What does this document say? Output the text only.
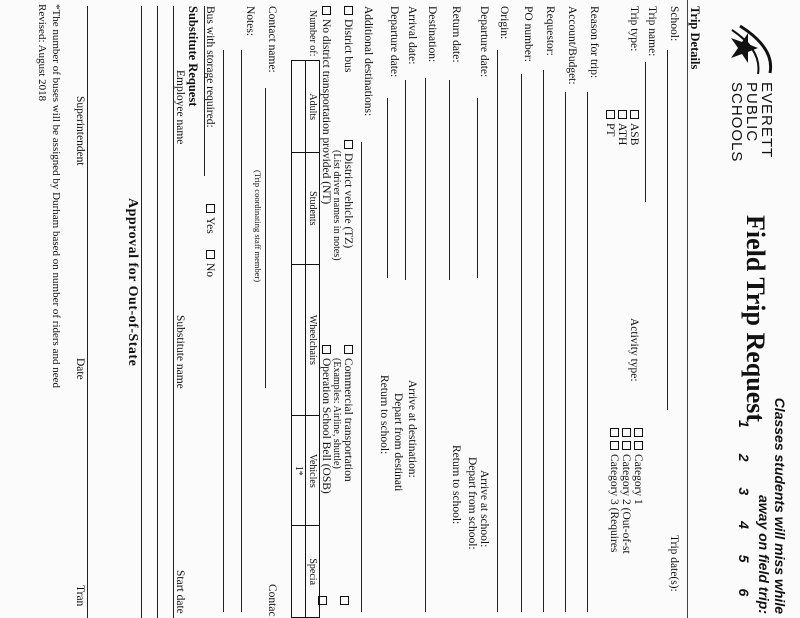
EVERETT
PUBLIC
SCHOOLS
Field Trip Request
Classes students will miss while
away on field trip:
1 2 3 4 5 6
Trip Details
School:
Trip date(s):
Trip name:
Trip type:
ASB
ATH
PT
Activity type:
Category 1
Category 2 (Out-of-st
Category 3 (Requires
Reason for trip:
Account/Budget:
Requestor:
PO number:
Origin:
Departure date:
Arrive at school:
Depart from school:
Return date:
Return to school:
Destination:
Arrival date:
Arrive at destination:
Departure date:
Depart from destinati
Return to school:
Additional destinations:
District bus
District vehicle (TZ)
(List driver names in notes)
Commercial transportation
(Examples: Airline, shuttle)
No district transportation provided (NT)
Operation School Bell (OSB)
Number of:	Adults	Students	Wheelchairs	Vehicles	Specia
				1*	
Contact name:
(Trip coordinating staff member)
Contac
Notes:
Bus with storage required:
Yes
No
Substitute Request
Employee name
Substitute name
Start date
Approval for Out-of-State
Superintendent
Date
Tran
*The number of buses will be assigned by Durham based on number of riders and need
Revised: August 2018
